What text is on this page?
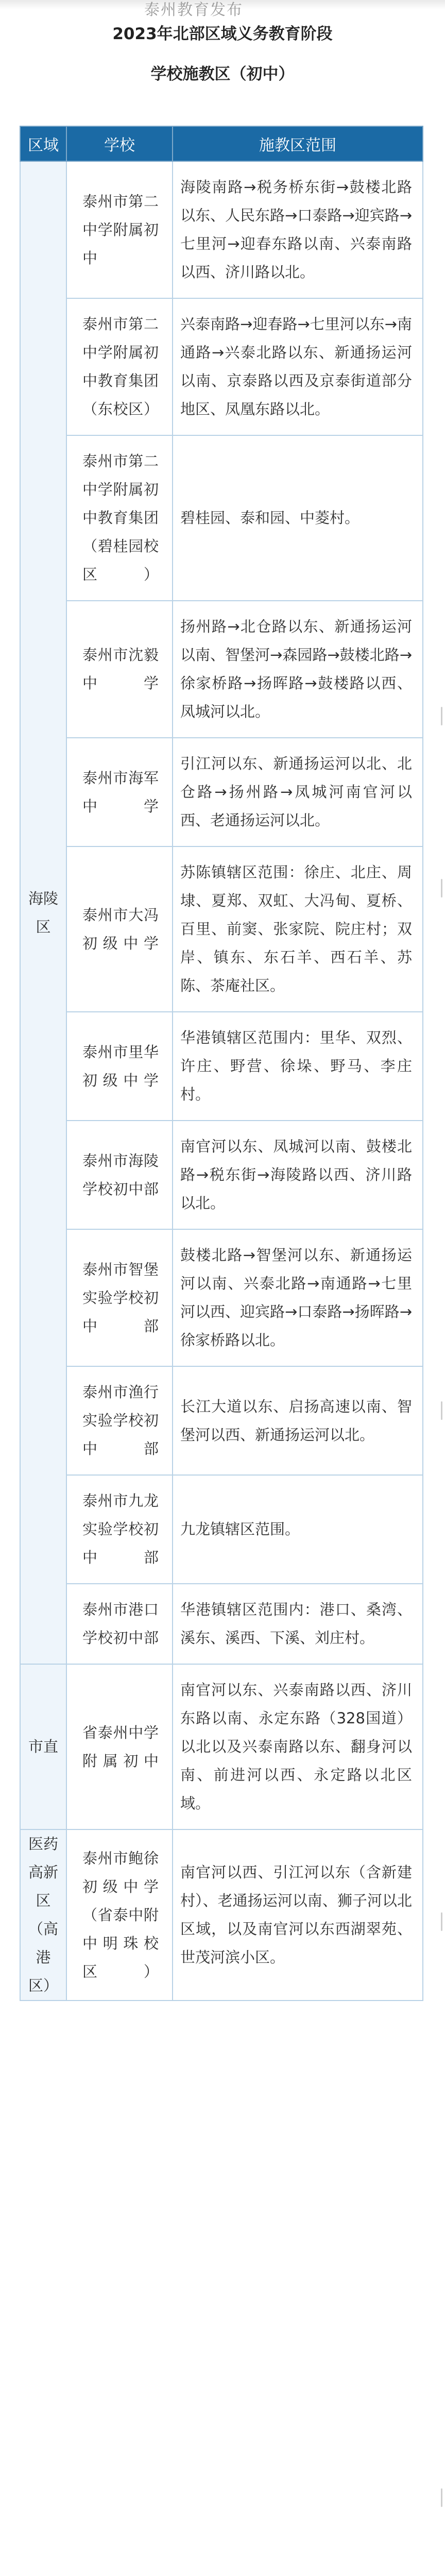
泰州教育发布
2023年北部区域义务教育阶段
学校施教区（初中）
区域	学校	施教区范围
海陵区	泰州市第二中学附属初中	海陵南路→税务桥东街→鼓楼北路以东、人民东路→口泰路→迎宾路→七里河→迎春东路以南、兴泰南路以西、济川路以北。
	泰州市第二中学附属初中教育集团（东校区）	兴泰南路→迎春路→七里河以东→南通路→兴泰北路以东、新通扬运河以南、京泰路以西及京泰街道部分地区、凤凰东路以北。
	泰州市第二中学附属初中教育集团（碧桂园校区）	碧桂园、泰和园、中菱村。
	泰州市沈毅中学	扬州路→北仓路以东、新通扬运河以南、智堡河→森园路→鼓楼北路→徐家桥路→扬晖路→鼓楼路以西、凤城河以北。
	泰州市海军中学	引江河以东、新通扬运河以北、北仓路→扬州路→凤城河南官河以西、老通扬运河以北。
	泰州市大冯初级中学	苏陈镇辖区范围：徐庄、北庄、周埭、夏郑、双虹、大冯甸、夏桥、百里、前窦、张家院、院庄村；双岸、镇东、东石羊、西石羊、苏陈、茶庵社区。
	泰州市里华初级中学	华港镇辖区范围内：里华、双烈、许庄、野营、徐垛、野马、李庄村。
	泰州市海陵学校初中部	南官河以东、凤城河以南、鼓楼北路→税东街→海陵路以西、济川路以北。
	泰州市智堡实验学校初中部	鼓楼北路→智堡河以东、新通扬运河以南、兴泰北路→南通路→七里河以西、迎宾路→口泰路→扬晖路→徐家桥路以北。
	泰州市渔行实验学校初中部	长江大道以东、启扬高速以南、智堡河以西、新通扬运河以北。
	泰州市九龙实验学校初中部	九龙镇辖区范围。
	泰州市港口学校初中部	华港镇辖区范围内：港口、桑湾、溪东、溪西、下溪、刘庄村。
市直	省泰州中学附属初中	南官河以东、兴泰南路以西、济川东路以南、永定东路（328国道）以北以及兴泰南路以东、翻身河以南、前进河以西、永定路以北区域。
医药高新区（高港区）	泰州市鲍徐初级中学（省泰中附中明珠校区）	南官河以西、引江河以东（含新建村）、老通扬运河以南、狮子河以北区域，以及南官河以东西湖翠苑、世茂河滨小区。
